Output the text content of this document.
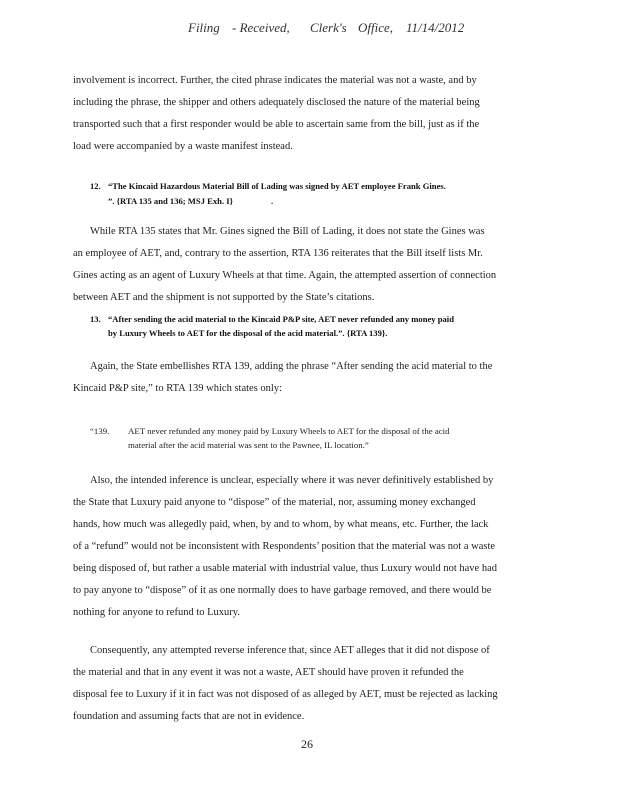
Filing - Received, Clerk's Office, 11/14/2012
involvement is incorrect. Further, the cited phrase indicates the material was not a waste, and by
including the phrase, the shipper and others adequately disclosed the nature of the material being
transported such that a first responder would be able to ascertain same from the bill, just as if the
load were accompanied by a waste manifest instead.
12. “The Kincaid Hazardous Material Bill of Lading was signed by AET employee Frank Gines.
”. {RTA 135 and 136; MSJ Exh. I}	.
While RTA 135 states that Mr. Gines signed the Bill of Lading, it does not state the Gines was
an employee of AET, and, contrary to the assertion, RTA 136 reiterates that the Bill itself lists Mr.
Gines acting as an agent of Luxury Wheels at that time. Again, the attempted assertion of connection
between AET and the shipment is not supported by the State’s citations.
13. “After sending the acid material to the Kincaid P&P site, AET never refunded any money paid
by Luxury Wheels to AET for the disposal of the acid material.”. {RTA 139}.
Again, the State embellishes RTA 139, adding the phrase “After sending the acid material to the
Kincaid P&P site,” to RTA 139 which states only:
“139. AET never refunded any money paid by Luxury Wheels to AET for the disposal of the acid
material after the acid material was sent to the Pawnee, IL location.”
Also, the intended inference is unclear, especially where it was never definitively established by
the State that Luxury paid anyone to “dispose” of the material, nor, assuming money exchanged
hands, how much was allegedly paid, when, by and to whom, by what means, etc. Further, the lack
of a “refund” would not be inconsistent with Respondents’ position that the material was not a waste
being disposed of, but rather a usable material with industrial value, thus Luxury would not have had
to pay anyone to “dispose” of it as one normally does to have garbage removed, and there would be
nothing for anyone to refund to Luxury.
Consequently, any attempted reverse inference that, since AET alleges that it did not dispose of
the material and that in any event it was not a waste, AET should have proven it refunded the
disposal fee to Luxury if it in fact was not disposed of as alleged by AET, must be rejected as lacking
foundation and assuming facts that are not in evidence.
26
